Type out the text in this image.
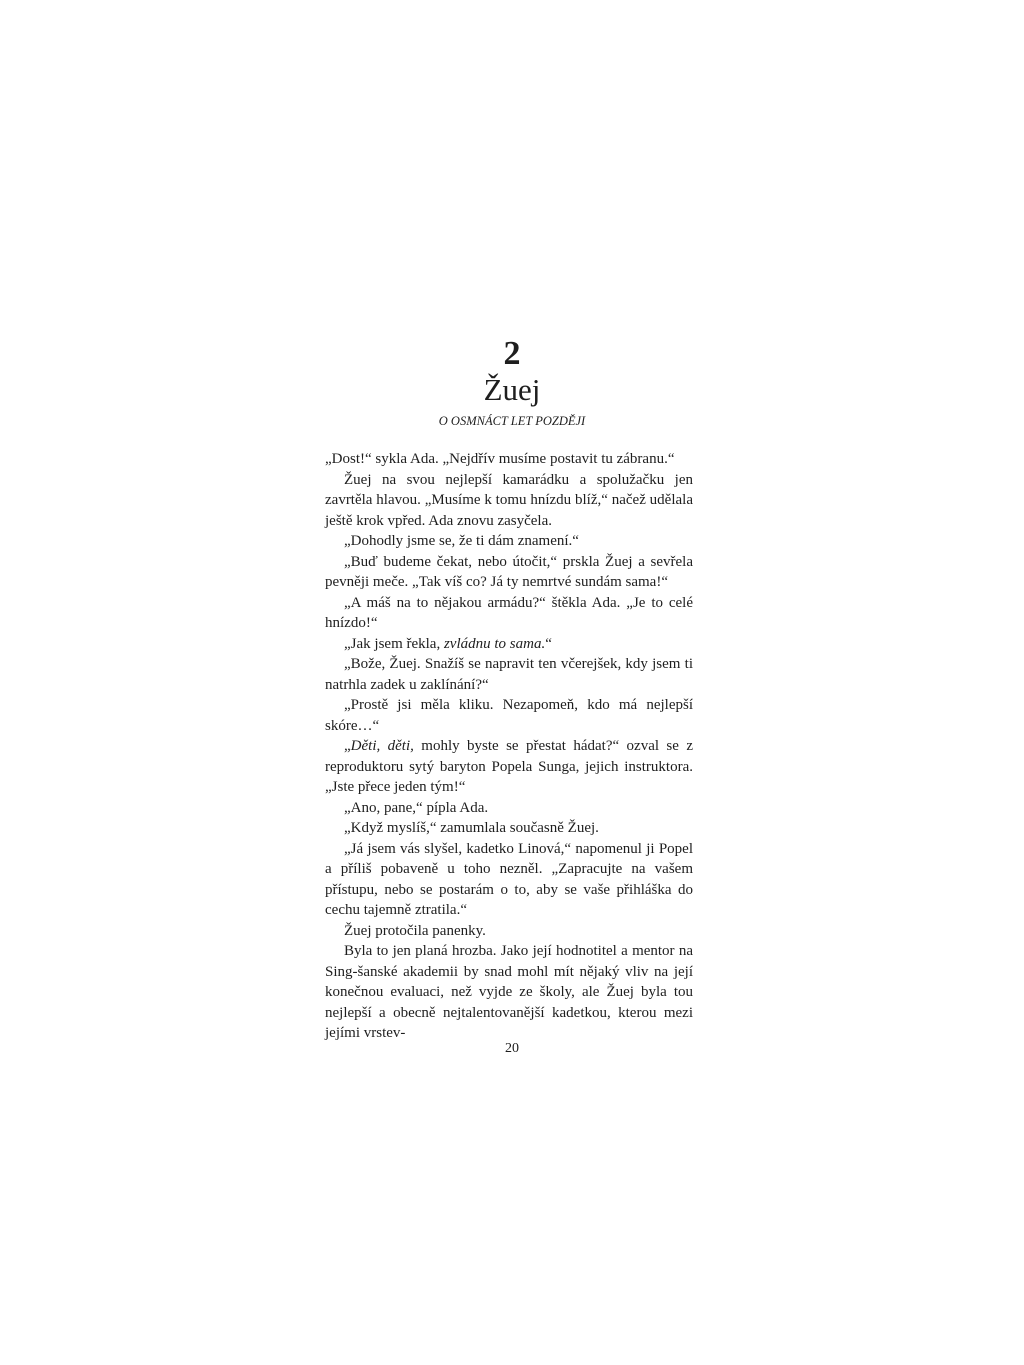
2
Žuej
O OSMNÁCT LET POZDĚJI

„Dost!“ sykla Ada. „Nejdřív musíme postavit tu zábranu.“

Žuej na svou nejlepší kamarádku a spolužačku jen zavrtěla hlavou. „Musíme k tomu hnízdu blíž,“ načež udělala ještě krok vpřed. Ada znovu zasyčela.

„Dohodly jsme se, že ti dám znamení.“

„Buď budeme čekat, nebo útočit,“ prskla Žuej a sevřela pevněji meče. „Tak víš co? Já ty nemrtvé sundám sama!“

„A máš na to nějakou armádu?“ štěkla Ada. „Je to celé hnízdo!“

„Jak jsem řekla, zvládnu to sama.“

„Bože, Žuej. Snažíš se napravit ten včerejšek, kdy jsem ti natrhla zadek u zaklínání?“

„Prostě jsi měla kliku. Nezapomeň, kdo má nejlepší skóre…“

„Děti, děti, mohly byste se přestat hádat?“ ozval se z reproduktoru sytý baryton Popela Sunga, jejich instruktora. „Jste přece jeden tým!“

„Ano, pane,“ pípla Ada.

„Když myslíš,“ zamumlala současně Žuej.

„Já jsem vás slyšel, kadetko Linová,“ napomenul ji Popel a příliš pobaveně u toho nezněl. „Zapracujte na vašem přístupu, nebo se postarám o to, aby se vaše přihláška do cechu tajemně ztratila.“

Žuej protočila panenky.

Byla to jen planá hrozba. Jako její hodnotitel a mentor na Sing-šanské akademii by snad mohl mít nějaký vliv na její konečnou evaluaci, než vyjde ze školy, ale Žuej byla tou nejlepší a obecně nejtalentovanější kadetkou, kterou mezi jejími vrstev-

20
